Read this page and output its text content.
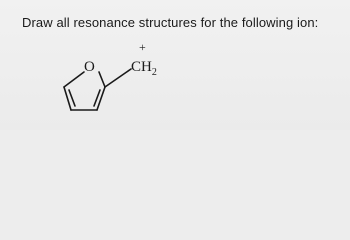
Draw all resonance structures for the following ion:
O
+
$CH_2$
